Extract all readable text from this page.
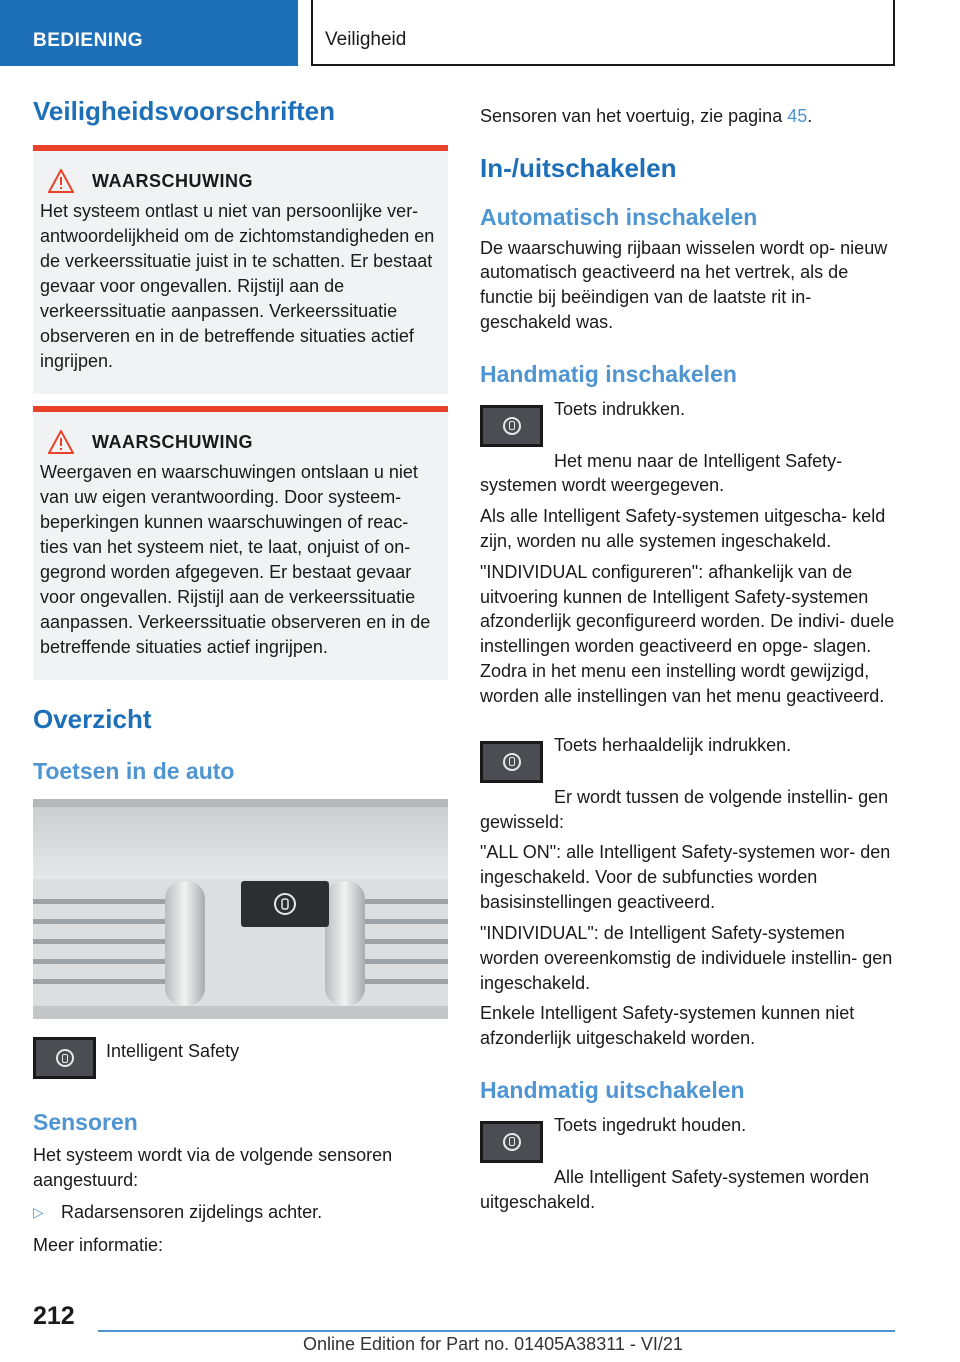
BEDIENING	Veiligheid
Veiligheidsvoorschriften
WAARSCHUWING

Het systeem ontlast u niet van persoonlijke ver- antwoordelijkheid om de zichtomstandigheden en de verkeerssituatie juist in te schatten. Er bestaat gevaar voor ongevallen. Rijstijl aan de verkeerssituatie aanpassen. Verkeerssituatie observeren en in de betreffende situaties actief ingrijpen.

WAARSCHUWING

Weergaven en waarschuwingen ontslaan u niet van uw eigen verantwoording. Door systeem- beperkingen kunnen waarschuwingen of reac- ties van het systeem niet, te laat, onjuist of on- gegrond worden afgegeven. Er bestaat gevaar voor ongevallen. Rijstijl aan de verkeerssituatie aanpassen. Verkeerssituatie observeren en in de betreffende situaties actief ingrijpen.

Overzicht
Toetsen in de auto

Intelligent Safety

Sensoren

Het systeem wordt via de volgende sensoren aangestuurd:

▷ Radarsensoren zijdelings achter.

Meer informatie:

Sensoren van het voertuig, zie pagina 45.

In-/uitschakelen
Automatisch inschakelen

De waarschuwing rijbaan wisselen wordt op- nieuw automatisch geactiveerd na het vertrek, als de functie bij beëindigen van de laatste rit in- geschakeld was.

Handmatig inschakelen

Toets indrukken.

Het menu naar de Intelligent Safety- systemen wordt weergegeven.

Als alle Intelligent Safety-systemen uitgescha- keld zijn, worden nu alle systemen ingeschakeld.

"INDIVIDUAL configureren": afhankelijk van de uitvoering kunnen de Intelligent Safety-systemen afzonderlijk geconfigureerd worden. De indivi- duele instellingen worden geactiveerd en opge- slagen. Zodra in het menu een instelling wordt gewijzigd, worden alle instellingen van het menu geactiveerd.

Toets herhaaldelijk indrukken.

Er wordt tussen de volgende instellin- gen gewisseld:

"ALL ON": alle Intelligent Safety-systemen wor- den ingeschakeld. Voor de subfuncties worden basisinstellingen geactiveerd.

"INDIVIDUAL": de Intelligent Safety-systemen worden overeenkomstig de individuele instellin- gen ingeschakeld.

Enkele Intelligent Safety-systemen kunnen niet afzonderlijk uitgeschakeld worden.

Handmatig uitschakelen

Toets ingedrukt houden.

Alle Intelligent Safety-systemen worden uitgeschakeld.

212
Online Edition for Part no. 01405A38311 - VI/21
